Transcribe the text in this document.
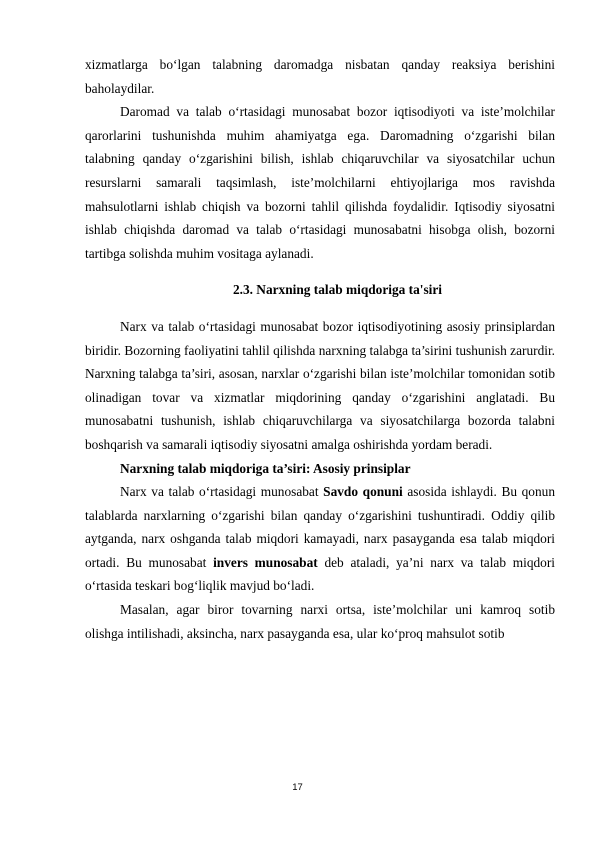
xizmatlarga bo‘lgan talabning daromadga nisbatan qanday reaksiya berishini baholaydilar.

Daromad va talab o‘rtasidagi munosabat bozor iqtisodiyoti va iste’molchilar qarorlarini tushunishda muhim ahamiyatga ega. Daromadning o‘zgarishi bilan talabning qanday o‘zgarishini bilish, ishlab chiqaruvchilar va siyosatchilar uchun resurslarni samarali taqsimlash, iste’molchilarni ehtiyojlariga mos ravishda mahsulotlarni ishlab chiqish va bozorni tahlil qilishda foydalidir. Iqtisodiy siyosatni ishlab chiqishda daromad va talab o‘rtasidagi munosabatni hisobga olish, bozorni tartibga solishda muhim vositaga aylanadi.

2.3. Narxning talab miqdoriga ta'siri

Narx va talab o‘rtasidagi munosabat bozor iqtisodiyotining asosiy prinsiplardan biridir. Bozorning faoliyatini tahlil qilishda narxning talabga ta’sirini tushunish zarurdir. Narxning talabga ta’siri, asosan, narxlar o‘zgarishi bilan iste’molchilar tomonidan sotib olinadigan tovar va xizmatlar miqdorining qanday o‘zgarishini anglatadi. Bu munosabatni tushunish, ishlab chiqaruvchilarga va siyosatchilarga bozorda talabni boshqarish va samarali iqtisodiy siyosatni amalga oshirishda yordam beradi.

Narxning talab miqdoriga ta’siri: Asosiy prinsiplar

Narx va talab o‘rtasidagi munosabat Savdo qonuni asosida ishlaydi. Bu qonun talablarda narxlarning o‘zgarishi bilan qanday o‘zgarishini tushuntiradi. Oddiy qilib aytganda, narx oshganda talab miqdori kamayadi, narx pasayganda esa talab miqdori ortadi. Bu munosabat invers munosabat deb ataladi, ya’ni narx va talab miqdori o‘rtasida teskari bog‘liqlik mavjud bo‘ladi.

Masalan, agar biror tovarning narxi ortsa, iste’molchilar uni kamroq sotib olishga intilishadi, aksincha, narx pasayganda esa, ular ko‘proq mahsulot sotib

17
